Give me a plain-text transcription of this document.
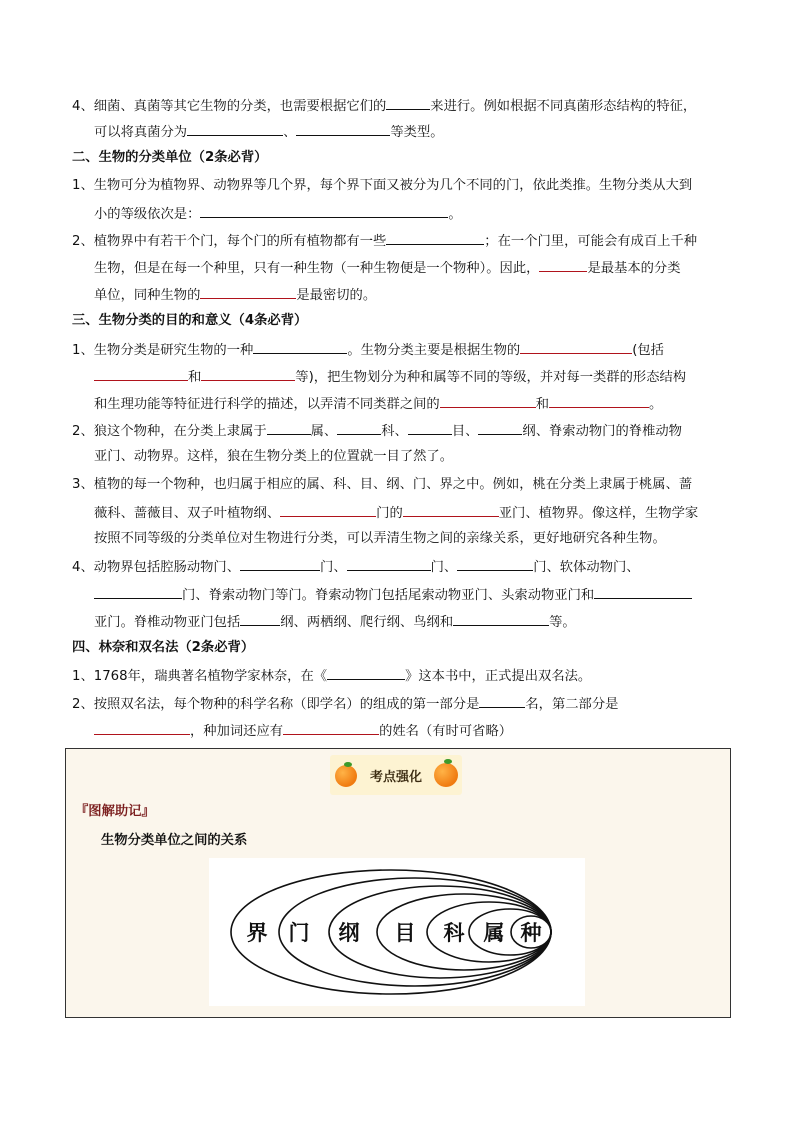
4、细菌、真菌等其它生物的分类，也需要根据它们的	来进行。例如根据不同真菌形态结构的特征，
可以将真菌分为	、	等类型。
二、生物的分类单位（2条必背）
1、生物可分为植物界、动物界等几个界，每个界下面又被分为几个不同的门，依此类推。生物分类从大到
小的等级依次是：	。
2、植物界中有若干个门，每个门的所有植物都有一些	；在一个门里，可能会有成百上千种
生物，但是在每一个种里，只有一种生物（一种生物便是一个物种）。因此，	是最基本的分类
单位，同种生物的	是最密切的。
三、生物分类的目的和意义（4条必背）
1、生物分类是研究生物的一种	。生物分类主要是根据生物的	(包括
和	等)，把生物划分为种和属等不同的等级，并对每一类群的形态结构
和生理功能等特征进行科学的描述，以弄清不同类群之间的	和	。
2、狼这个物种，在分类上隶属于	属、	科、	目、	纲、脊索动物门的脊椎动物
亚门、动物界。这样，狼在生物分类上的位置就一目了然了。
3、植物的每一个物种，也归属于相应的属、科、目、纲、门、界之中。例如，桃在分类上隶属于桃属、蔷
薇科、蔷薇目、双子叶植物纲、	门的	亚门、植物界。像这样，生物学家
按照不同等级的分类单位对生物进行分类，可以弄清生物之间的亲缘关系，更好地研究各种生物。
4、动物界包括腔肠动物门、	门、	门、	门、软体动物门、
门、脊索动物门等门。脊索动物门包括尾索动物亚门、头索动物亚门和
亚门。脊椎动物亚门包括	纲、两栖纲、爬行纲、鸟纲和	等。
四、林奈和双名法（2条必背）
1、1768年，瑞典著名植物学家林奈，在《	》这本书中，正式提出双名法。
2、按照双名法，每个物种的科学名称（即学名）的组成的第一部分是	名，第二部分是
，种加词还应有	的姓名（有时可省略）
考点强化
『图解助记』
生物分类单位之间的关系
界 门 纲 目 科 属 种
